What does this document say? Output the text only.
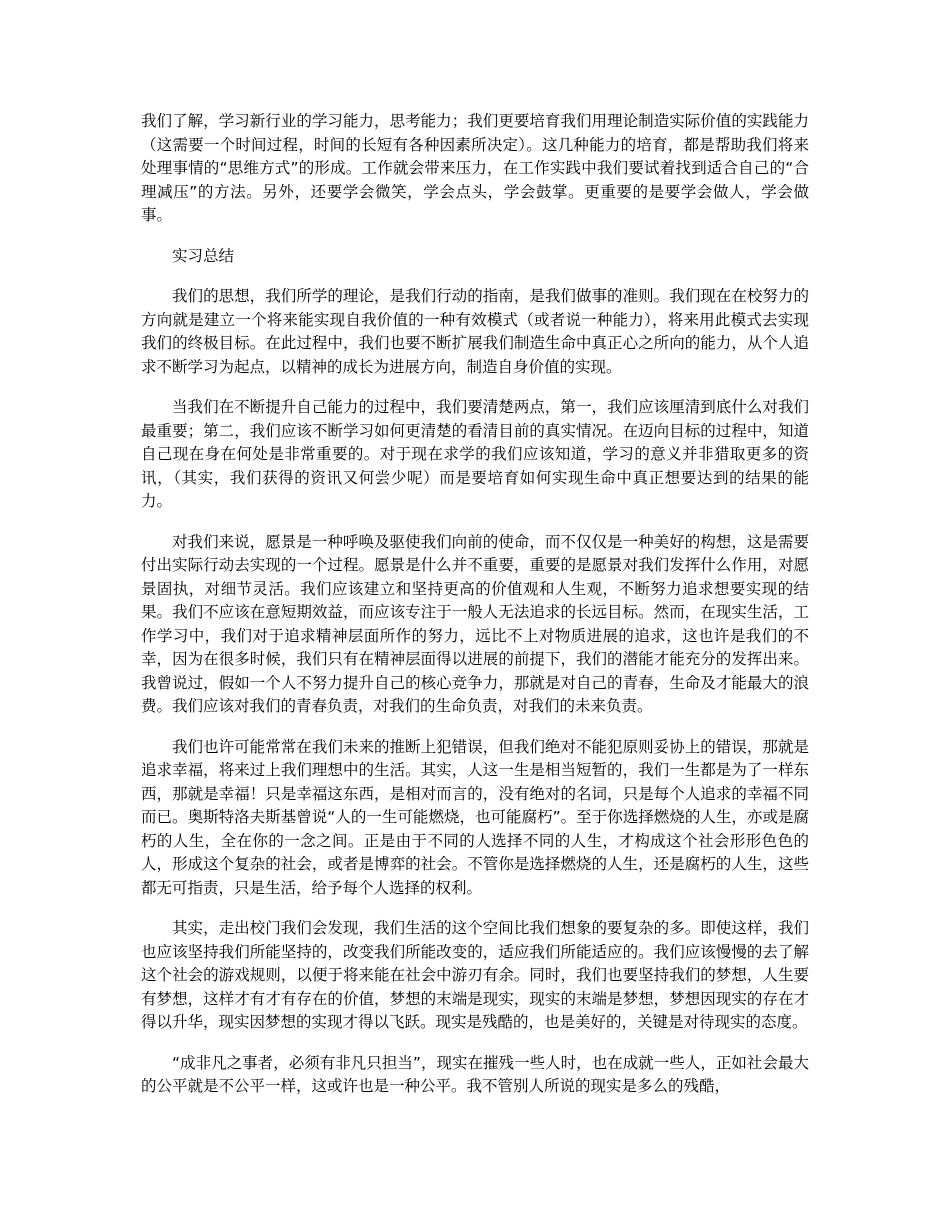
我们了解，学习新行业的学习能力，思考能力；我们更要培育我们用理论制造实际价值的实践能力（这需要一个时间过程，时间的长短有各种因素所决定）。这几种能力的培育，都是帮助我们将来处理事情的“思维方式”的形成。工作就会带来压力，在工作实践中我们要试着找到适合自己的“合理减压”的方法。另外，还要学会微笑，学会点头，学会鼓掌。更重要的是要学会做人，学会做事。

实习总结

我们的思想，我们所学的理论，是我们行动的指南，是我们做事的准则。我们现在在校努力的方向就是建立一个将来能实现自我价值的一种有效模式（或者说一种能力），将来用此模式去实现我们的终极目标。在此过程中，我们也要不断扩展我们制造生命中真正心之所向的能力，从个人追求不断学习为起点，以精神的成长为进展方向，制造自身价值的实现。

当我们在不断提升自己能力的过程中，我们要清楚两点，第一，我们应该厘清到底什么对我们最重要；第二，我们应该不断学习如何更清楚的看清目前的真实情况。在迈向目标的过程中，知道自己现在身在何处是非常重要的。对于现在求学的我们应该知道，学习的意义并非猎取更多的资讯，（其实，我们获得的资讯又何尝少呢）而是要培育如何实现生命中真正想要达到的结果的能力。

对我们来说，愿景是一种呼唤及驱使我们向前的使命，而不仅仅是一种美好的构想，这是需要付出实际行动去实现的一个过程。愿景是什么并不重要，重要的是愿景对我们发挥什么作用，对愿景固执，对细节灵活。我们应该建立和坚持更高的价值观和人生观，不断努力追求想要实现的结果。我们不应该在意短期效益，而应该专注于一般人无法追求的长远目标。然而，在现实生活，工作学习中，我们对于追求精神层面所作的努力，远比不上对物质进展的追求，这也许是我们的不幸，因为在很多时候，我们只有在精神层面得以进展的前提下，我们的潜能才能充分的发挥出来。我曾说过，假如一个人不努力提升自己的核心竞争力，那就是对自己的青春，生命及才能最大的浪费。我们应该对我们的青春负责，对我们的生命负责，对我们的未来负责。

我们也许可能常常在我们未来的推断上犯错误，但我们绝对不能犯原则妥协上的错误，那就是追求幸福，将来过上我们理想中的生活。其实，人这一生是相当短暂的，我们一生都是为了一样东西，那就是幸福！只是幸福这东西，是相对而言的，没有绝对的名词，只是每个人追求的幸福不同而已。奥斯特洛夫斯基曾说“人的一生可能燃烧，也可能腐朽”。至于你选择燃烧的人生，亦或是腐朽的人生，全在你的一念之间。正是由于不同的人选择不同的人生，才构成这个社会形形色色的人，形成这个复杂的社会，或者是博弈的社会。不管你是选择燃烧的人生，还是腐朽的人生，这些都无可指责，只是生活，给予每个人选择的权利。

其实，走出校门我们会发现，我们生活的这个空间比我们想象的要复杂的多。即使这样，我们也应该坚持我们所能坚持的，改变我们所能改变的，适应我们所能适应的。我们应该慢慢的去了解这个社会的游戏规则，以便于将来能在社会中游刃有余。同时，我们也要坚持我们的梦想，人生要有梦想，这样才有才有存在的价值，梦想的末端是现实，现实的末端是梦想，梦想因现实的存在才得以升华，现实因梦想的实现才得以飞跃。现实是残酷的，也是美好的，关键是对待现实的态度。

“成非凡之事者，必须有非凡只担当”，现实在摧残一些人时，也在成就一些人，正如社会最大的公平就是不公平一样，这或许也是一种公平。我不管别人所说的现实是多么的残酷，
